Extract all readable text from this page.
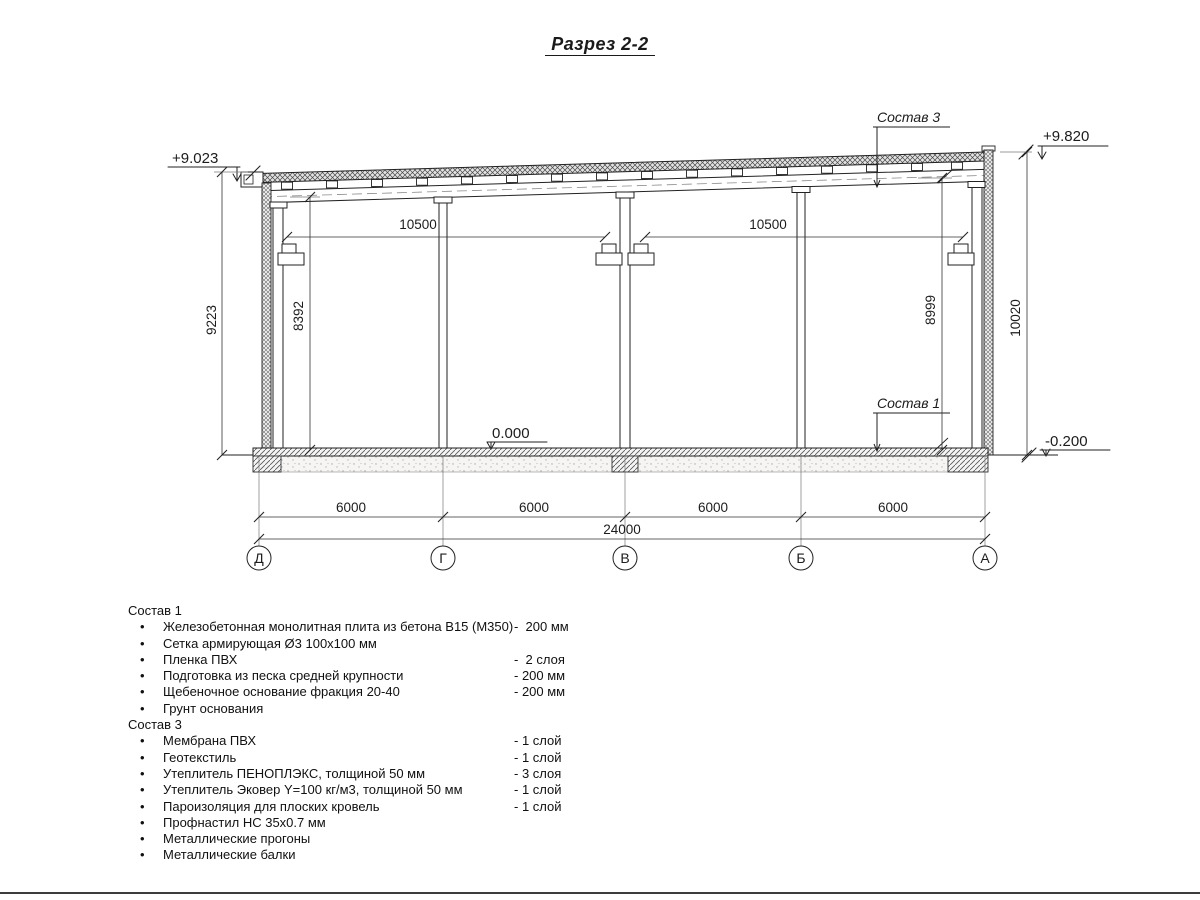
Разрез 2-2
+9.023
+9.820
0.000	-0.200
Состав 3
Состав 1
9223	8392	8999	10020
10500	10500
6000	6000	6000	6000
24000
Д	Г	В	Б	А
Состав 1
• Железобетонная монолитная плита из бетона В15 (М350) -  200 мм
• Сетка армирующая Ø3 100х100 мм
• Пленка ПВХ	-  2 слоя
• Подготовка из песка средней крупности	- 200 мм
• Щебеночное основание фракция 20-40	- 200 мм
• Грунт основания
Состав 3
• Мембрана ПВХ	- 1 слой
• Геотекстиль	- 1 слой
• Утеплитель ПЕНОПЛЭКС, толщиной 50 мм	- 3 слоя
• Утеплитель Эковер Y=100 кг/м3, толщиной 50 мм	- 1 слой
• Пароизоляция для плоских кровель	- 1 слой
• Профнастил НС 35х0.7 мм
• Металлические прогоны
• Металлические балки
